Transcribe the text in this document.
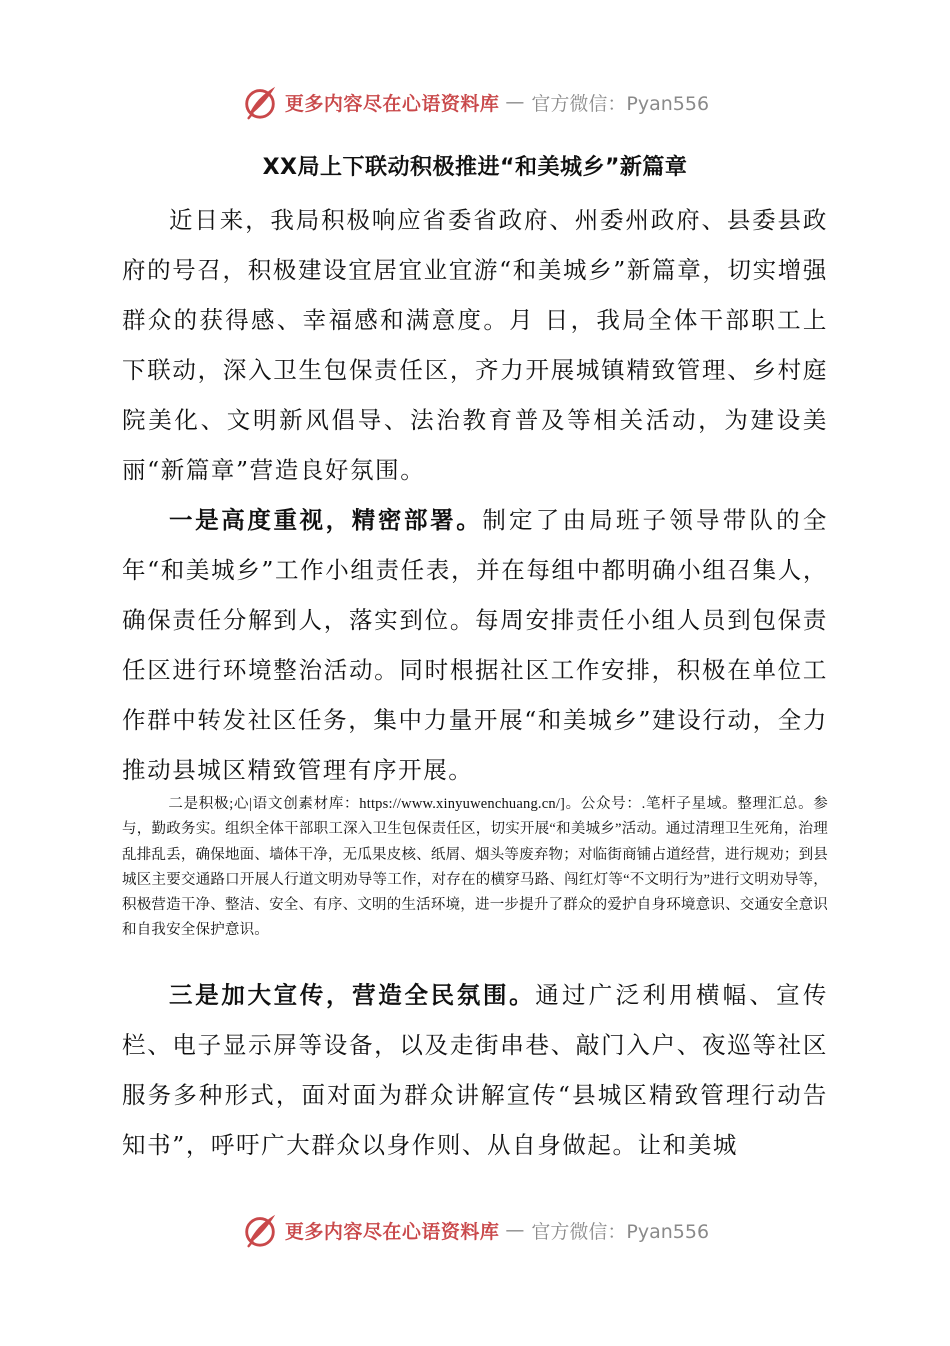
更多内容尽在心语资料库 — 官方微信：Pyan556
XX局上下联动积极推进“和美城乡”新篇章

近日来，我局积极响应省委省政府、州委州政府、县委县政府的号召，积极建设宜居宜业宜游“和美城乡”新篇章，切实增强群众的获得感、幸福感和满意度。月 日，我局全体干部职工上下联动，深入卫生包保责任区，齐力开展城镇精致管理、乡村庭院美化、文明新风倡导、法治教育普及等相关活动，为建设美丽“新篇章”营造良好氛围。

一是高度重视，精密部署。制定了由局班子领导带队的全年“和美城乡”工作小组责任表，并在每组中都明确小组召集人，确保责任分解到人，落实到位。每周安排责任小组人员到包保责任区进行环境整治活动。同时根据社区工作安排，积极在单位工作群中转发社区任务，集中力量开展“和美城乡”建设行动，全力推动县城区精致管理有序开展。

二是积极;心|语文创素材库：https://www.xinyuwenchuang.cn/]。公众号：.笔杆子星域。整理汇总。参与，勤政务实。组织全体干部职工深入卫生包保责任区，切实开展“和美城乡”活动。通过清理卫生死角，治理乱排乱丢，确保地面、墙体干净，无瓜果皮核、纸屑、烟头等废弃物；对临街商铺占道经营，进行规劝；到县城区主要交通路口开展人行道文明劝导等工作，对存在的横穿马路、闯红灯等“不文明行为”进行文明劝导等，积极营造干净、整洁、安全、有序、文明的生活环境，进一步提升了群众的爱护自身环境意识、交通安全意识和自我安全保护意识。

三是加大宣传，营造全民氛围。通过广泛利用横幅、宣传栏、电子显示屏等设备，以及走街串巷、敲门入户、夜巡等社区服务多种形式，面对面为群众讲解宣传“县城区精致管理行动告知书”，呼吁广大群众以身作则、从自身做起。让和美城

更多内容尽在心语资料库 — 官方微信：Pyan556
